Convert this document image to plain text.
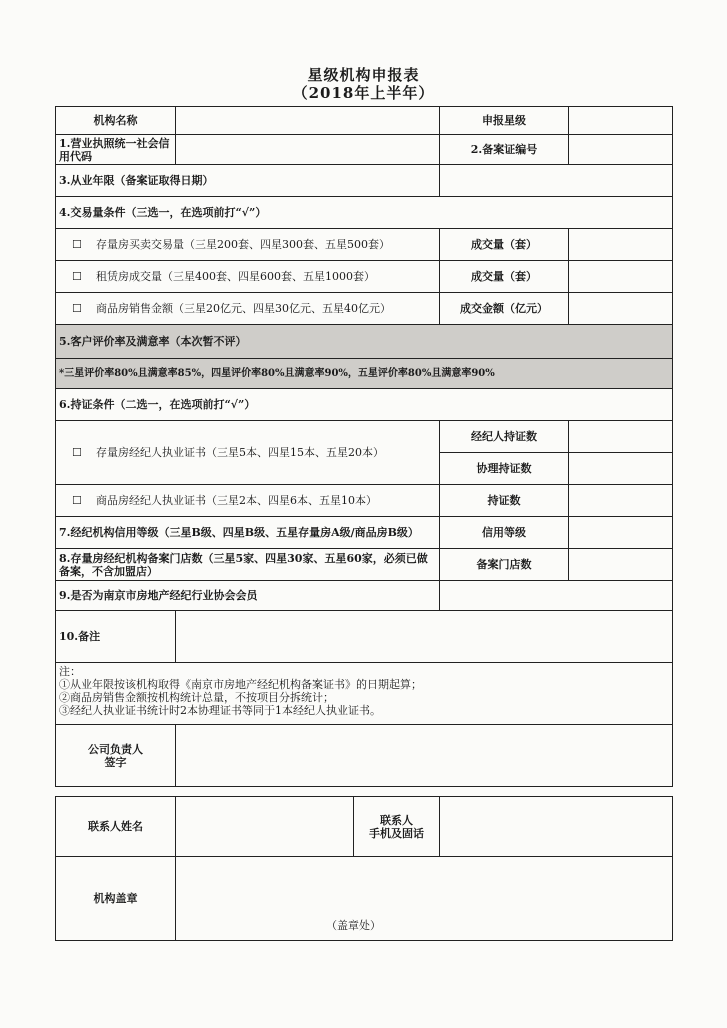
星级机构申报表
（2018年上半年）
机构名称		申报星级	
1.营业执照统一社会信用代码		2.备案证编号	
3.从业年限（备案证取得日期）			
4.交易量条件（三选一，在选项前打“√”）			
☐ 存量房买卖交易量（三星200套、四星300套、五星500套）		成交量（套）	
☐ 租赁房成交量（三星400套、四星600套、五星1000套）		成交量（套）	
☐ 商品房销售金额（三星20亿元、四星30亿元、五星40亿元）		成交金额（亿元）	
5.客户评价率及满意率（本次暂不评）			
*三星评价率80%且满意率85%，四星评价率80%且满意率90%，五星评价率80%且满意率90%			
6.持证条件（二选一，在选项前打“√”）			
☐ 存量房经纪人执业证书（三星5本、四星15本、五星20本）		经纪人持证数	
		协理持证数	
☐ 商品房经纪人执业证书（三星2本、四星6本、五星10本）		持证数	
7.经纪机构信用等级（三星B级、四星B级、五星存量房A级/商品房B级）		信用等级	
8.存量房经纪机构备案门店数（三星5家、四星30家、五星60家，必须已做备案，不含加盟店）		备案门店数	
9.是否为南京市房地产经纪行业协会会员			
10.备注			

注：
①从业年限按该机构取得《南京市房地产经纪机构备案证书》的日期起算；
②商品房销售金额按机构统计总量，不按项目分拆统计；
③经纪人执业证书统计时2本协理证书等同于1本经纪人执业证书。			

公司负责人
签字			

联系人姓名		联系人
手机及固话	

机构盖章	（盖章处）		
